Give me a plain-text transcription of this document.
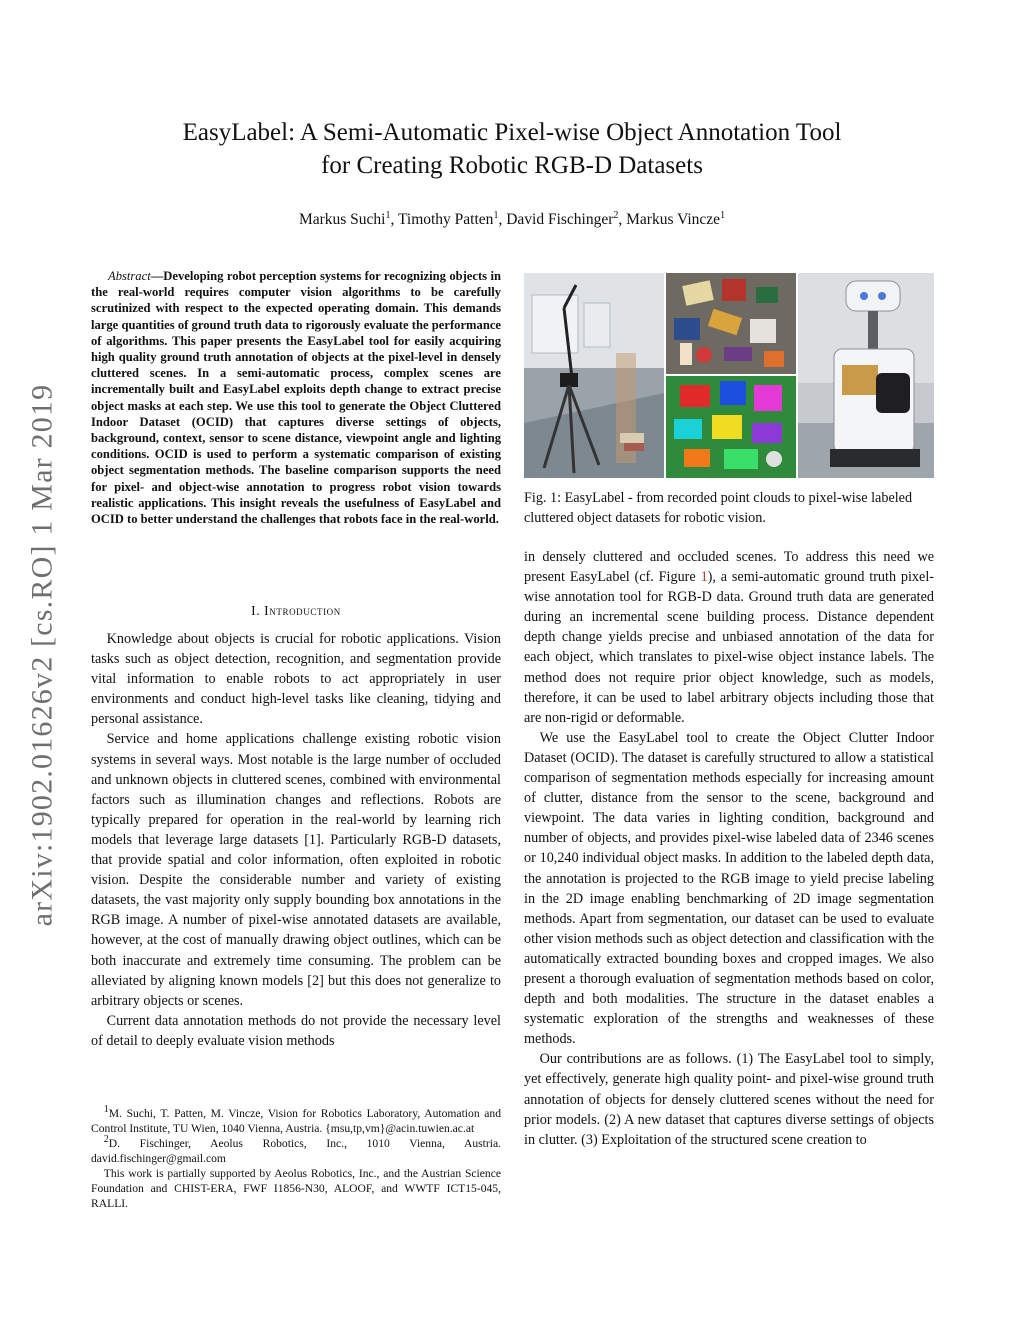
arXiv:1902.01626v2 [cs.RO] 1 Mar 2019
EasyLabel: A Semi-Automatic Pixel-wise Object Annotation Tool
for Creating Robotic RGB-D Datasets
Markus Suchi$^1$, Timothy Patten$^1$, David Fischinger$^2$, Markus Vincze$^1$
Abstract—Developing robot perception systems for recognizing objects in the real-world requires computer vision algorithms to be carefully scrutinized with respect to the expected operating domain. This demands large quantities of ground truth data to rigorously evaluate the performance of algorithms. This paper presents the EasyLabel tool for easily acquiring high quality ground truth annotation of objects at the pixel-level in densely cluttered scenes. In a semi-automatic process, complex scenes are incrementally built and EasyLabel exploits depth change to extract precise object masks at each step. We use this tool to generate the Object Cluttered Indoor Dataset (OCID) that captures diverse settings of objects, background, context, sensor to scene distance, viewpoint angle and lighting conditions. OCID is used to perform a systematic comparison of existing object segmentation methods. The baseline comparison supports the need for pixel- and object-wise annotation to progress robot vision towards realistic applications. This insight reveals the usefulness of EasyLabel and OCID to better understand the challenges that robots face in the real-world.
I. Introduction

Knowledge about objects is crucial for robotic applications. Vision tasks such as object detection, recognition, and segmentation provide vital information to enable robots to act appropriately in user environments and conduct high-level tasks like cleaning, tidying and personal assistance.

Service and home applications challenge existing robotic vision systems in several ways. Most notable is the large number of occluded and unknown objects in cluttered scenes, combined with environmental factors such as illumination changes and reflections. Robots are typically prepared for operation in the real-world by learning rich models that leverage large datasets [1]. Particularly RGB-D datasets, that provide spatial and color information, often exploited in robotic vision. Despite the considerable number and variety of existing datasets, the vast majority only supply bounding box annotations in the RGB image. A number of pixel-wise annotated datasets are available, however, at the cost of manually drawing object outlines, which can be both inaccurate and extremely time consuming. The problem can be alleviated by aligning known models [2] but this does not generalize to arbitrary objects or scenes.

Current data annotation methods do not provide the necessary level of detail to deeply evaluate vision methods

$^1$M. Suchi, T. Patten, M. Vincze, Vision for Robotics Laboratory, Automation and Control Institute, TU Wien, 1040 Vienna, Austria. {msu,tp,vm}@acin.tuwien.ac.at

$^2$D. Fischinger, Aeolus Robotics, Inc., 1010 Vienna, Austria. david.fischinger@gmail.com

This work is partially supported by Aeolus Robotics, Inc., and the Austrian Science Foundation and CHIST-ERA, FWF I1856-N30, ALOOF, and WWTF ICT15-045, RALLI.

Fig. 1: EasyLabel - from recorded point clouds to pixel-wise labeled cluttered object datasets for robotic vision.

in densely cluttered and occluded scenes. To address this need we present EasyLabel (cf. Figure 1), a semi-automatic ground truth pixel-wise annotation tool for RGB-D data. Ground truth data are generated during an incremental scene building process. Distance dependent depth change yields precise and unbiased annotation of the data for each object, which translates to pixel-wise object instance labels. The method does not require prior object knowledge, such as models, therefore, it can be used to label arbitrary objects including those that are non-rigid or deformable.

We use the EasyLabel tool to create the Object Clutter Indoor Dataset (OCID). The dataset is carefully structured to allow a statistical comparison of segmentation methods especially for increasing amount of clutter, distance from the sensor to the scene, background and viewpoint. The data varies in lighting condition, background and number of objects, and provides pixel-wise labeled data of 2346 scenes or 10,240 individual object masks. In addition to the labeled depth data, the annotation is projected to the RGB image to yield precise labeling in the 2D image enabling benchmarking of 2D image segmentation methods. Apart from segmentation, our dataset can be used to evaluate other vision methods such as object detection and classification with the automatically extracted bounding boxes and cropped images. We also present a thorough evaluation of segmentation methods based on color, depth and both modalities. The structure in the dataset enables a systematic exploration of the strengths and weaknesses of these methods.

Our contributions are as follows. (1) The EasyLabel tool to simply, yet effectively, generate high quality point- and pixel-wise ground truth annotation of objects for densely cluttered scenes without the need for prior models. (2) A new dataset that captures diverse settings of objects in clutter. (3) Exploitation of the structured scene creation to
